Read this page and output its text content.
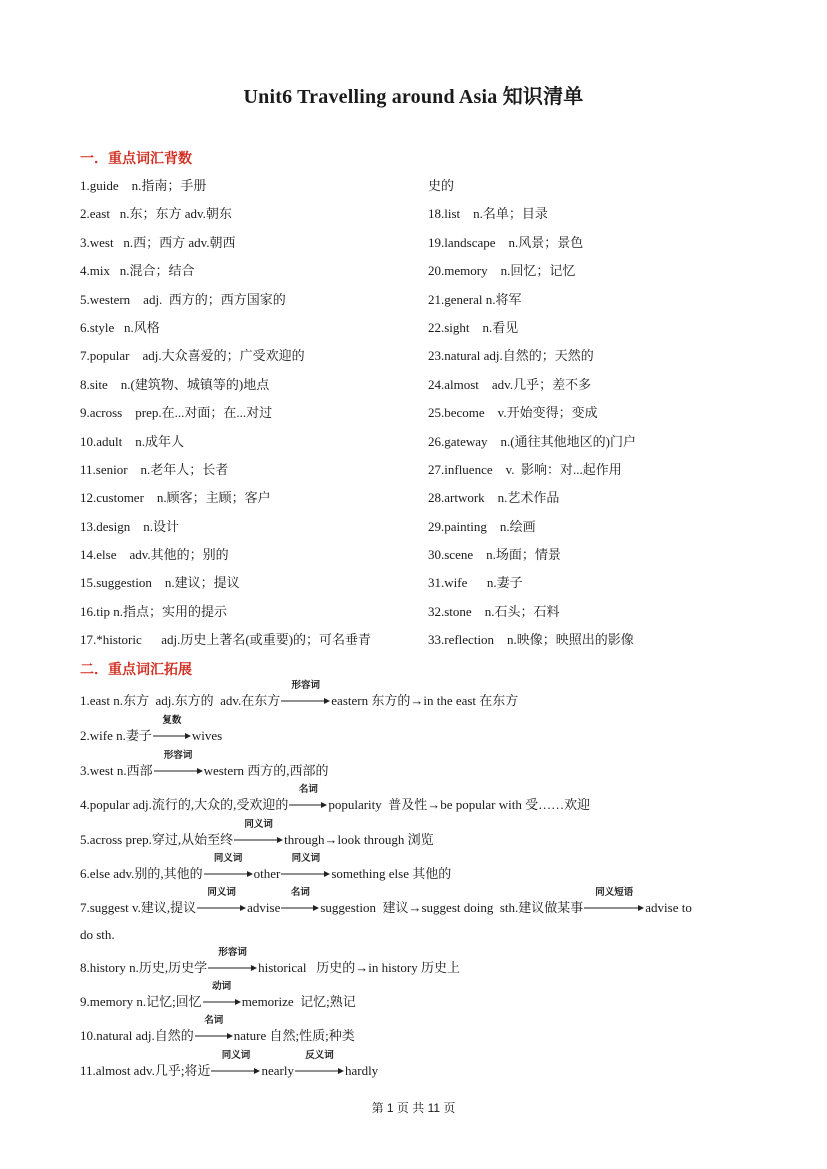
Unit6 Travelling around Asia 知识清单
一．重点词汇背数
1.guide    n.指南；手册
2.east   n.东；东方 adv.朝东
3.west   n.西；西方 adv.朝西
4.mix   n.混合；结合
5.western    adj.  西方的；西方国家的
6.style   n.风格
7.popular    adj.大众喜爱的；广受欢迎的
8.site    n.(建筑物、城镇等的)地点
9.across    prep.在...对面；在...对过
10.adult    n.成年人
11.senior    n.老年人；长者
12.customer    n.顾客；主顾；客户
13.design    n.设计
14.else    adv.其他的；别的
15.suggestion    n.建议；提议
16.tip n.指点；实用的提示
17.*historic      adj.历史上著名(或重要)的；可名垂青
史的
18.list    n.名单；目录
19.landscape    n.风景；景色
20.memory    n.回忆；记忆
21.general n.将军
22.sight    n.看见
23.natural adj.自然的；天然的
24.almost    adv.几乎；差不多
25.become    v.开始变得；变成
26.gateway    n.(通往其他地区的)门户
27.influence    v.  影响：对...起作用
28.artwork    n.艺术作品
29.painting    n.绘画
30.scene    n.场面；情景
31.wife      n.妻子
32.stone    n.石头；石料
33.reflection    n.映像；映照出的影像
二．重点词汇拓展
1.east n.东方  adj.东方的  adv.在东方
形容词
eastern 东方的→in the east 在东方
2.wife n.妻子
复数
wives
3.west n.西部
形容词
western 西方的,西部的
4.popular adj.流行的,大众的,受欢迎的
名词
popularity  普及性→be popular with 受……欢迎
5.across prep.穿过,从始至终
同义词
through→look through 浏览
6.else adv.别的,其他的
同义词
other
同义词
something else 其他的
7.suggest v.建议,提议
同义词
advise
名词
suggestion  建议→suggest doing  sth.建议做某事
同义短语
advise to
do sth.
8.history n.历史,历史学
形容词
historical   历史的→in history 历史上
9.memory n.记忆;回忆
动词
memorize  记忆;熟记
10.natural adj.自然的
名词
nature 自然;性质;种类
11.almost adv.几乎;将近
同义词
nearly
反义词
hardly
第 1 页 共 11 页
